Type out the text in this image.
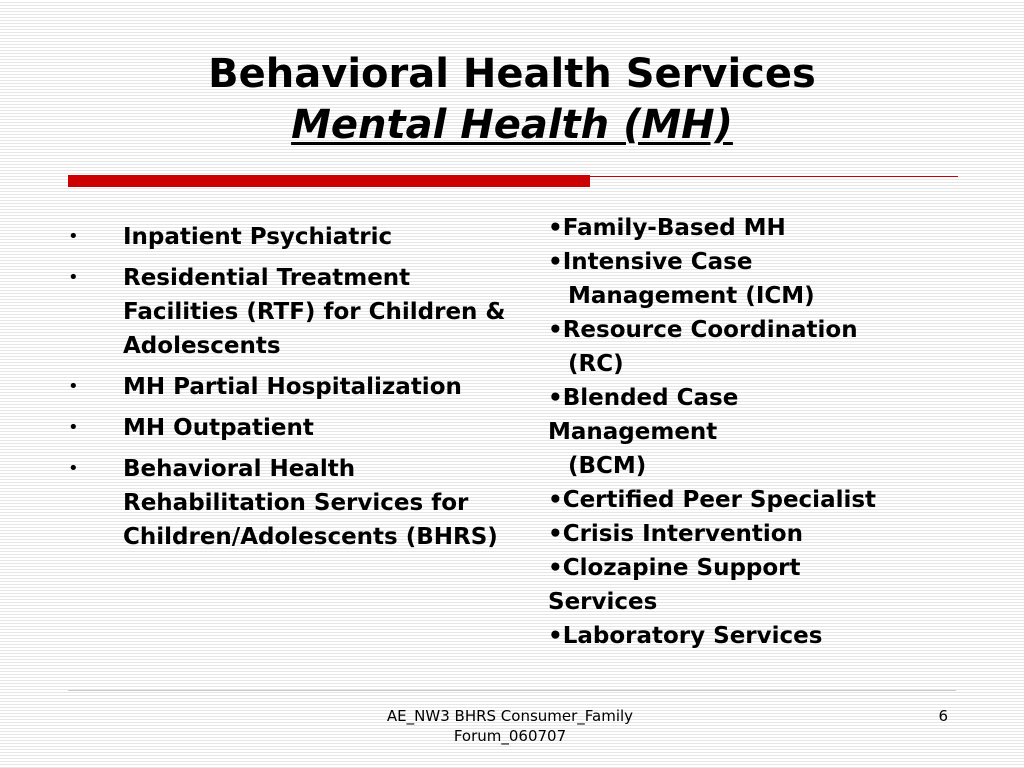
Behavioral Health Services
Mental Health (MH)
• Inpatient Psychiatric
• Residential Treatment Facilities (RTF) for Children & Adolescents
• MH Partial Hospitalization
• MH Outpatient
• Behavioral Health Rehabilitation Services for Children/Adolescents (BHRS)
•Family-Based MH
•Intensive Case
Management (ICM)
•Resource Coordination
(RC)
•Blended Case
Management
(BCM)
•Certified Peer Specialist
•Crisis Intervention
•Clozapine Support
Services
•Laboratory Services
AE_NW3 BHRS Consumer_Family Forum_060707
6
